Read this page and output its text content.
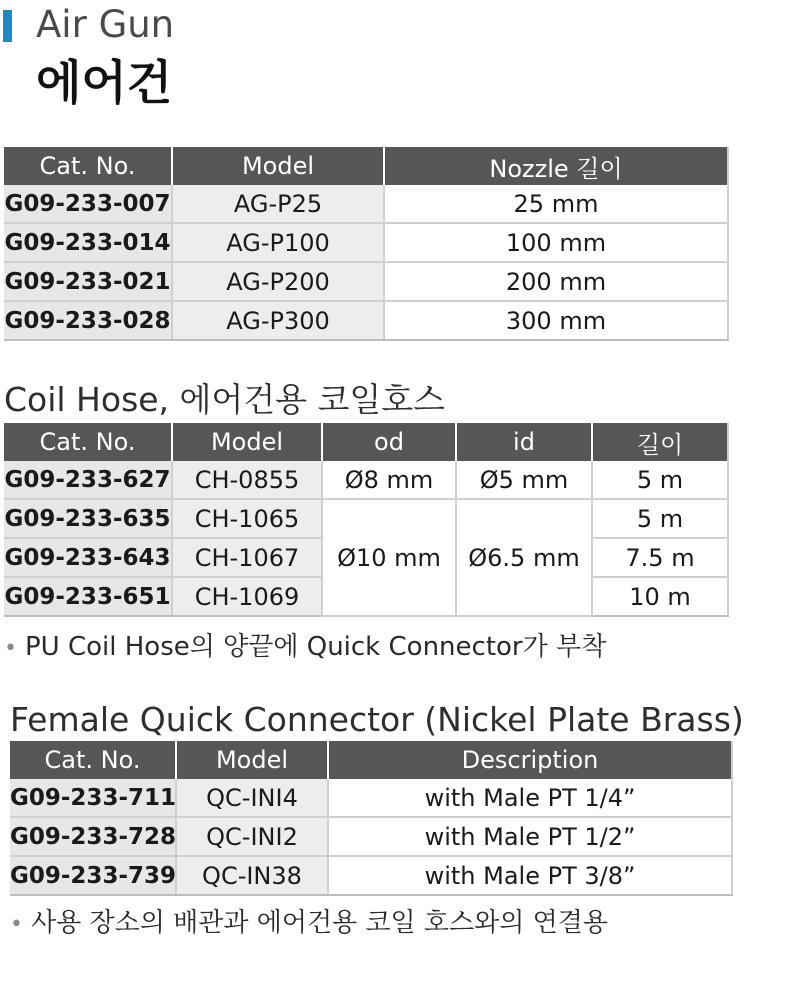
Air Gun
에어건
Cat. No.	Model	Nozzle 길이
G09-233-007	AG-P25	25 mm
G09-233-014	AG-P100	100 mm
G09-233-021	AG-P200	200 mm
G09-233-028	AG-P300	300 mm
Coil Hose, 에어건용 코일호스
Cat. No.	Model	od	id	길이
G09-233-627	CH-0855	Ø8 mm	Ø5 mm	5 m
G09-233-635	CH-1065	Ø10 mm	Ø6.5 mm	5 m
G09-233-643	CH-1067			7.5 m
G09-233-651	CH-1069			10 m
• PU Coil Hose의 양끝에 Quick Connector가 부착
Female Quick Connector (Nickel Plate Brass)
Cat. No.	Model	Description
G09-233-711	QC-INI4	with Male PT 1/4”
G09-233-728	QC-INI2	with Male PT 1/2”
G09-233-739	QC-IN38	with Male PT 3/8”
• 사용 장소의 배관과 에어건용 코일 호스와의 연결용
